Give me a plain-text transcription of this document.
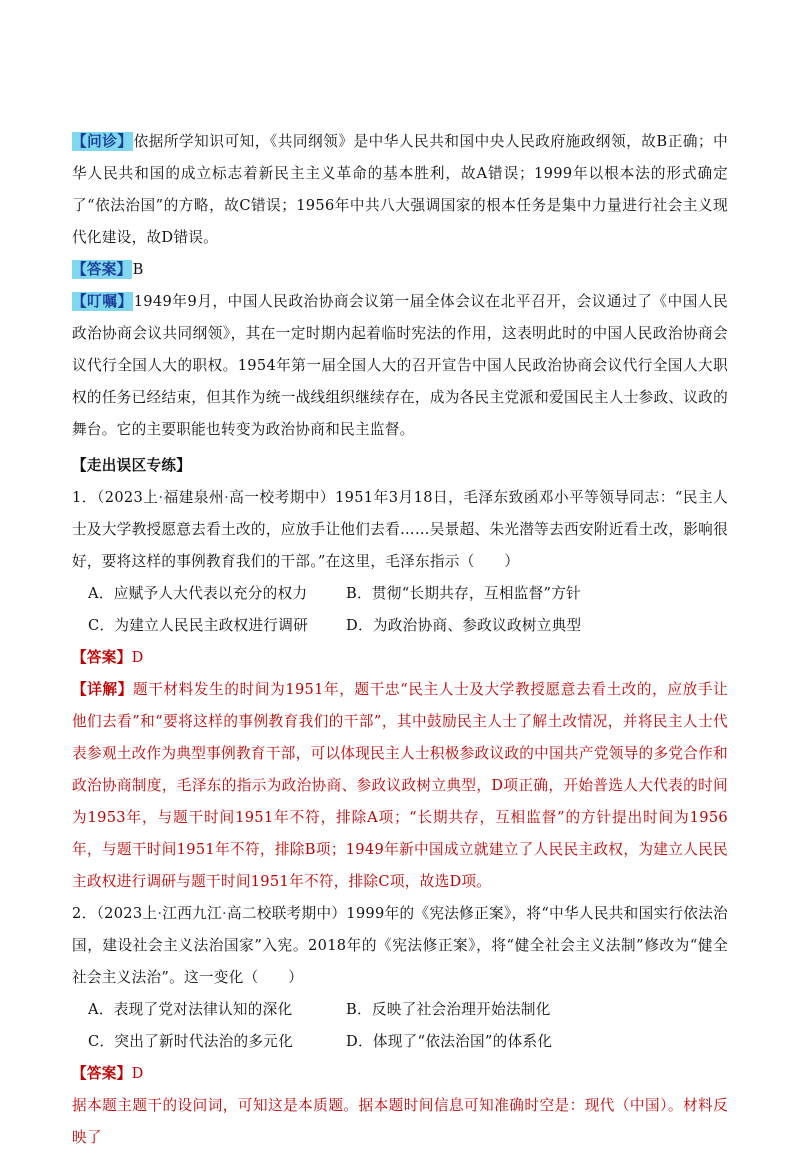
【问诊】依据所学知识可知，《共同纲领》是中华人民共和国中央人民政府施政纲领，故B正确；中华人民共和国的成立标志着新民主主义革命的基本胜利，故A错误；1999年以根本法的形式确定了“依法治国”的方略，故C错误；1956年中共八大强调国家的根本任务是集中力量进行社会主义现代化建设，故D错误。

【答案】B

【叮嘱】1949年9月，中国人民政治协商会议第一届全体会议在北平召开，会议通过了《中国人民政治协商会议共同纲领》，其在一定时期内起着临时宪法的作用，这表明此时的中国人民政治协商会议代行全国人大的职权。1954年第一届全国人大的召开宣告中国人民政治协商会议代行全国人大职权的任务已经结束，但其作为统一战线组织继续存在，成为各民主党派和爱国民主人士参政、议政的舞台。它的主要职能也转变为政治协商和民主监督。

【走出误区专练】

1．（2023上·福建泉州·高一校考期中）1951年3月18日，毛泽东致函邓小平等领导同志：“民主人士及大学教授愿意去看土改的，应放手让他们去看……吴景超、朱光潜等去西安附近看土改，影响很好，要将这样的事例教育我们的干部。”在这里，毛泽东指示（　　）

A．应赋予人大代表以充分的权力	B．贯彻“长期共存，互相监督”方针

C．为建立人民民主政权进行调研	D．为政治协商、参政议政树立典型

【答案】D

【详解】题干材料发生的时间为1951年，题干忠“民主人士及大学教授愿意去看土改的，应放手让他们去看”和“要将这样的事例教育我们的干部”，其中鼓励民主人士了解土改情况，并将民主人士代表参观土改作为典型事例教育干部，可以体现民主人士积极参政议政的中国共产党领导的多党合作和政治协商制度，毛泽东的指示为政治协商、参政议政树立典型，D项正确，开始普选人大代表的时间为1953年，与题干时间1951年不符，排除A项；“长期共存，互相监督”的方针提出时间为1956年，与题干时间1951年不符，排除B项；1949年新中国成立就建立了人民民主政权，为建立人民民主政权进行调研与题干时间1951年不符，排除C项，故选D项。

2．（2023上·江西九江·高二校联考期中）1999年的《宪法修正案》，将“中华人民共和国实行依法治国，建设社会主义法治国家”入宪。2018年的《宪法修正案》，将“健全社会主义法制”修改为“健全社会主义法治”。这一变化（　　）

A．表现了党对法律认知的深化	B．反映了社会治理开始法制化

C．突出了新时代法治的多元化	D．体现了“依法治国”的体系化

【答案】D

据本题主题干的设问词，可知这是本质题。据本题时间信息可知准确时空是：现代（中国）。材料反映了
